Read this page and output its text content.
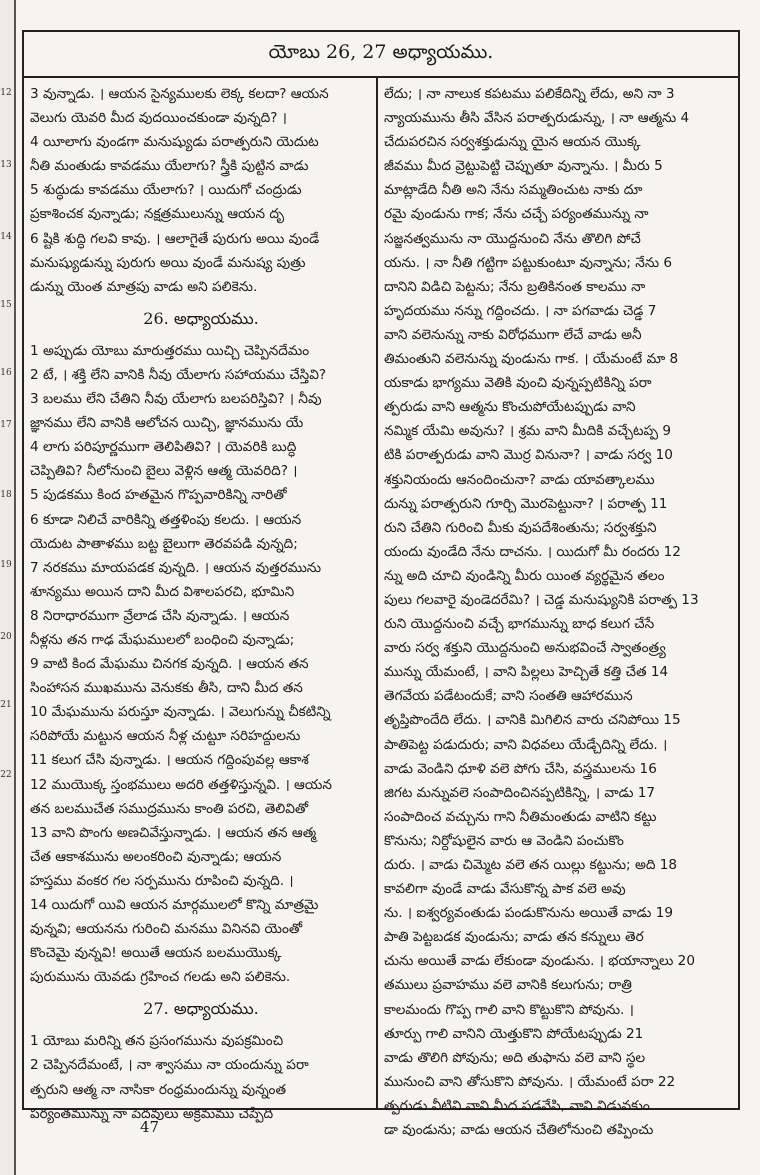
12
13
14
15
16
17
18
19
20
21
22
యోబు 26, 27 అధ్యాయము.
3 వున్నాడు. । ఆయన సైన్యములకు లెక్క కలదా? ఆయన
వెలుగు యెవరి మీద వుదయించకుండా వున్నది? ।
4 యీలాగు వుండగా మనుష్యుడు పరాత్పరుని యెదుట
నీతి మంతుడు కావడము యేలాగు? స్త్రీకి పుట్టిన వాడు
5 శుద్ధుడు కావడము యేలాగు? । యిదుగో చంద్రుడు
ప్రకాశించక వున్నాడు; నక్షత్రములున్ను ఆయన దృ
6 ష్టికి శుద్ధి గలవి కావు. । ఆలాగైతే పురుగు అయి వుండే
మనుష్యుడున్ను పురుగు అయి వుండే మనుష్య పుత్రు
డున్ను యెంత మాత్రపు వాడు అని పలికెను.
26. అధ్యాయము.
1 అప్పుడు యోబు మారుత్తరము యిచ్చి చెప్పినదేమం
2 టే, । శక్తి లేని వానికి నీవు యేలాగు సహాయము చేస్తివి?
3 బలము లేని చేతిని నీవు యేలాగు బలపరిస్తివి? । నీవు
జ్ఞానము లేని వానికి ఆలోచన యిచ్చి, జ్ఞానమును యే
4 లాగు పరిపూర్ణముగా తెలిపితివి? । యెవరికి బుద్ధి
చెప్పితివి? నీలోనుంచి బైలు వెళ్లిన ఆత్మ యెవరిది? ।
5 పుడకము కింద హతమైన గొప్పవారికిన్ని నారితో
6 కూడా నిలిచే వారికిన్ని తత్తళింపు కలదు. । ఆయన
యెదుట పాతాళము బట్ట బైలుగా తెరవపడి వున్నది;
7 నరకము మాయపడక వున్నది. । ఆయన వుత్తరమును
శూన్యము అయిన దాని మీద విశాలపరచి, భూమిని
8 నిరాధారముగా వ్రేలాడ చేసి వున్నాడు. । ఆయన
నీళ్లను తన గాఢ మేఘములలో బంధించి వున్నాడు;
9 వాటి కింద మేఘము చినగక వున్నది. । ఆయన తన
సింహాసన ముఖమును వెనుకకు తీసి, దాని మీద తన
10 మేఘమును పరుస్తూ వున్నాడు. । వెలుగున్ను చీకటిన్ని
సరిపోయే మట్టున ఆయన నీళ్ల చుట్టూ సరిహద్దులను
11 కలుగ చేసి వున్నాడు. । ఆయన గద్దింపువల్ల ఆకాశ
12 ముయొక్క స్తంభములు అదరి తత్తళిస్తున్నవి. । ఆయన
తన బలముచేత సముద్రమును కాంతి పరచి, తెలివితో
13 వాని పొంగు అణచివేస్తున్నాడు. । ఆయన తన ఆత్మ
చేత ఆకాశమును అలంకరించి వున్నాడు; ఆయన
హస్తము వంకర గల సర్పమును రూపించి వున్నది. ।
14 యిదుగో యివి ఆయన మార్గములలో కొన్ని మాత్రమై
వున్నవి; ఆయనను గురించి మనము వినినవి యెంతో
కొంచెమై వున్నవి! అయితే ఆయన బలముయొక్క
పురుమును యెవడు గ్రహించ గలడు అని పలికెను.
27. అధ్యాయము.
1 యోబు మరిన్ని తన ప్రసంగమును వుపక్రమించి
2 చెప్పినదేమంటే, । నా శ్వాసము నా యందున్ను పరా
త్పరుని ఆత్మ నా నాసికా రంధ్రమందున్ను వున్నంత
పర్యంతమున్ను నా పెదవులు అక్రమము చెప్పేది
లేదు; । నా నాలుక కపటము పలికేదిన్ని లేదు, అని నా 3
న్యాయమును తీసి వేసిన పరాత్పరుడున్ను, । నా ఆత్మను 4
చేదుపరచిన సర్వశక్తుడున్ను యైన ఆయన యొక్క
జీవము మీద వ్రెట్టుపెట్టి చెప్పుతూ వున్నాను. । మీరు 5
మాట్లాడేది నీతి అని నేను సమ్మతించుట నాకు దూ
రమై వుండును గాక; నేను చచ్చే పర్యంతమున్ను నా
సజ్జనత్వమును నా యొద్దనుంచి నేను తొలిగి పోచే
యను. । నా నీతి గట్టిగా పట్టుకుంటూ వున్నాను; నేను 6
దానిని విడిచి పెట్టను; నేను బ్రతికినంత కాలము నా
హృదయము నన్ను గద్దించదు. । నా పగవాడు చెడ్డ 7
వాని వలెనున్ను నాకు విరోధముగా లేచే వాడు అనీ
తిమంతుని వలెనున్ను వుండును గాక. । యేమంటే మా 8
యకాడు భాగ్యము వెతికి వుంచి వున్నప్పటికిన్ని పరా
త్పరుడు వాని ఆత్మను కొంచుపోయేటప్పుడు వాని
నమ్మిక యేమి అవును? । శ్రమ వాని మీదికి వచ్చేటప్ప 9
టికి పరాత్పరుడు వాని మొర్ర వినునా? । వాడు సర్వ 10
శక్తునియందు ఆనందించునా? వాడు యావత్కాలము
దున్ను పరాత్పరుని గూర్చి మొరపెట్టునా? । పరాత్ప 11
రుని చేతిని గురించి మీకు వుపదేశింతును; సర్వశక్తుని
యందు వుండేది నేను దాచను. । యిదుగో మీ రందరు 12
న్ను అది చూచి వుండిన్ని మీరు యింత వ్యర్థమైన తలం
పులు గలవారై వుండెదరేమి? । చెడ్డ మనుష్యునికి పరాత్ప 13
రుని యొద్దనుంచి వచ్చే భాగమున్ను బాధ కలుగ చేసే
వారు సర్వ శక్తుని యొద్దనుంచి అనుభవించే స్వాతంత్ర్య
మున్ను యేమంటే, । వాని పిల్లలు హెచ్చితే కత్తి చేత 14
తెగవేయ పడేటందుకే; వాని సంతతి ఆహారమున
తృప్తిపొందేది లేదు. । వానికి మిగిలిన వారు చనిపోయి 15
పాతిపెట్ట పడుదురు; వాని విధవలు యేడ్చేదిన్ని లేదు. ।
వాడు వెండిని ధూళి వలె పోగు చేసి, వస్త్రములను 16
జిగట మన్నువలె సంపాదించినప్పటికిన్ని, । వాడు 17
సంపాదించ వచ్చును గాని నీతిమంతుడు వాటిని కట్టు
కొనును; నిర్దోషులైన వారు ఆ వెండిని పంచుకొం
దురు. । వాడు చిమ్మెట వలె తన యిల్లు కట్టును; అది 18
కావలిగా వుండే వాడు వేసుకొన్న పాక వలె అవు
ను. । ఐశ్వర్యవంతుడు పండుకొనును అయితే వాడు 19
పాతి పెట్టబడక వుండును; వాడు తన కన్నులు తెర
చును అయితే వాడు లేకుండా వుండును. । భయాన్నాలు 20
తములు ప్రవాహము వలె వానికి కలుగును; రాత్రి
కాలమందు గొప్ప గాలి వాని కొట్టుకొని పోవును. ।
తూర్పు గాలి వానిని యెత్తుకొని పోయేటప్పుడు 21
వాడు తొలిగి పోవును; అది తుఫాను వలె వాని స్థల
మునుంచి వాని తోసుకొని పోవును. । యేమంటే పరా 22
త్పరుడు వీటిని వాని మీద పడవేసి, వాని విడువకుం
డా వుండును; వాడు ఆయన చేతిలోనుంచి తప్పించు
47
